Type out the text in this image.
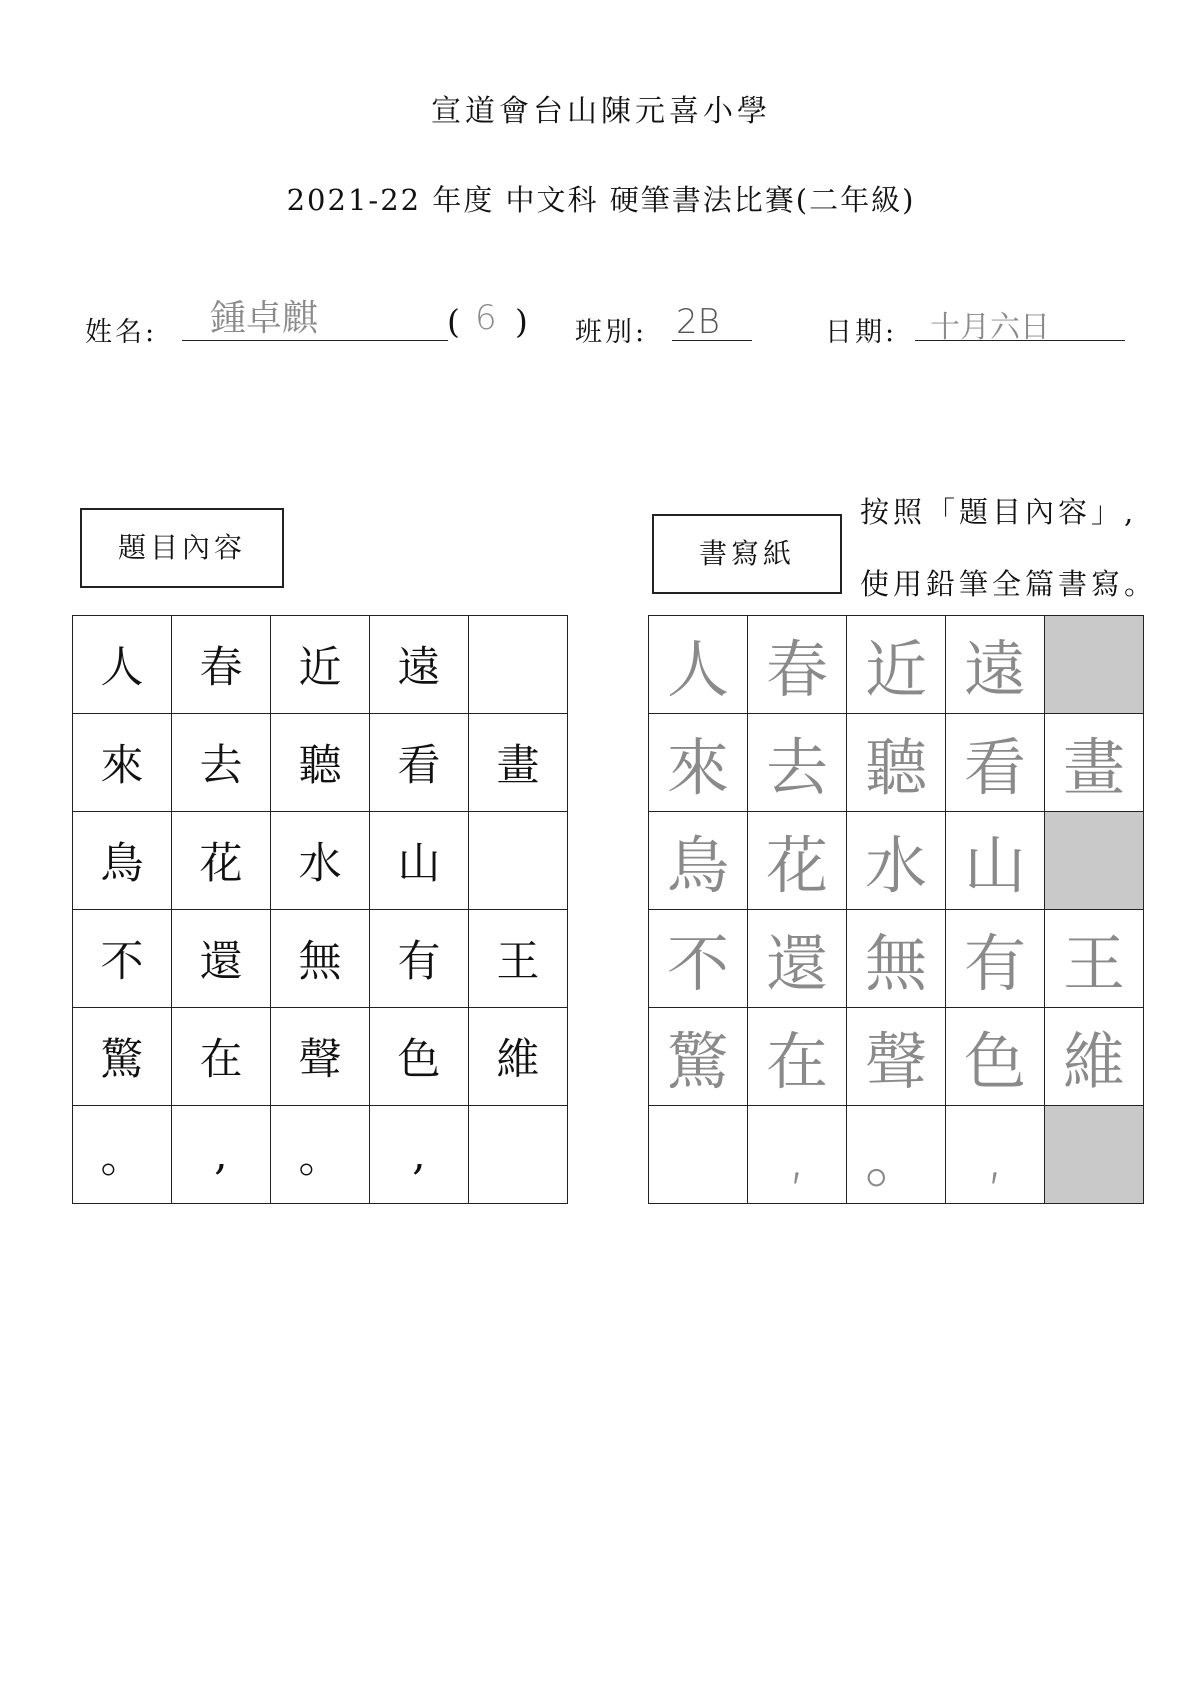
宣道會台山陳元喜小學
2021-22 年度 中文科 硬筆書法比賽(二年級)
姓名: 鍾卓麒	( 6 ) 班別: 2B	日期: 十月六日
題目內容	書寫紙
按照「題目內容」,
使用鉛筆全篇書寫。
人	春	近	遠	
來	去	聽	看	畫
鳥	花	水	山	
不	還	無	有	王
驚	在	聲	色	維
。	,	。	,	
人	春	近	遠	
來	去	聽	看	畫
鳥	花	水	山	
不	還	無	有	王
驚	在	聲	色	維
	,	。	,	
